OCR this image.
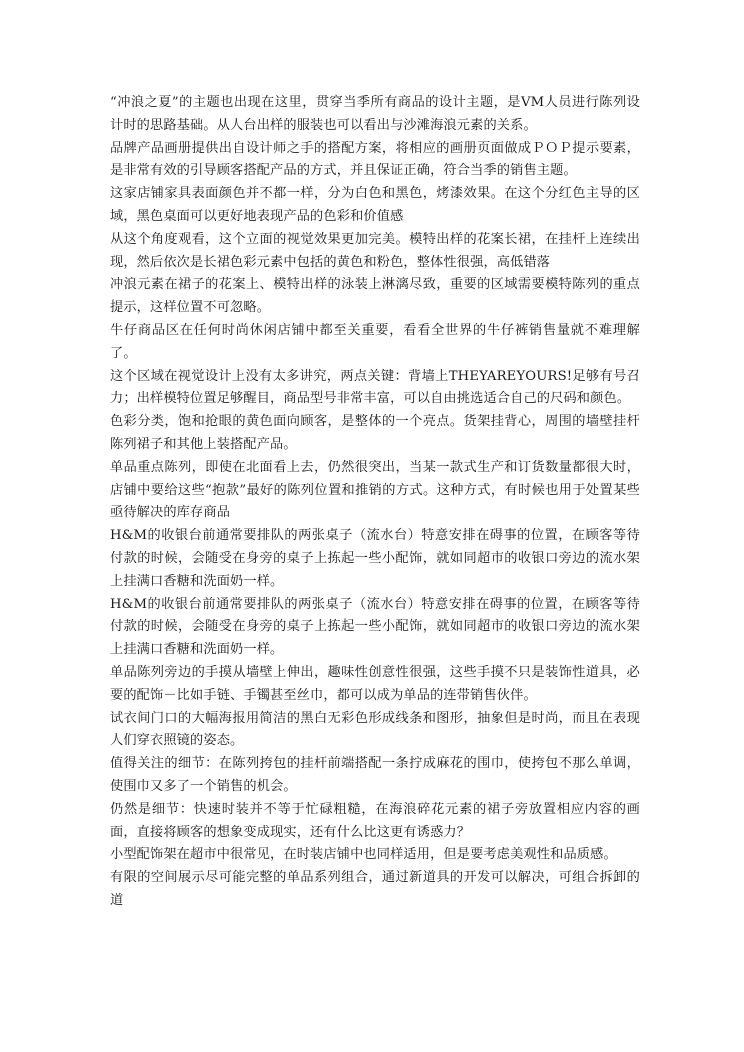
“冲浪之夏”的主题也出现在这里，贯穿当季所有商品的设计主题，是VM人员进行陈列设计时的思路基础。从人台出样的服装也可以看出与沙滩海浪元素的关系。

品牌产品画册提供出自设计师之手的搭配方案，将相应的画册页面做成ＰＯＰ提示要素，是非常有效的引导顾客搭配产品的方式，并且保证正确，符合当季的销售主题。

这家店铺家具表面颜色并不都一样，分为白色和黑色，烤漆效果。在这个分红色主导的区域，黑色桌面可以更好地表现产品的色彩和价值感

从这个角度观看，这个立面的视觉效果更加完美。模特出样的花案长裙，在挂杆上连续出现，然后依次是长裙色彩元素中包括的黄色和粉色，整体性很强，高低错落

冲浪元素在裙子的花案上、模特出样的泳装上淋漓尽致，重要的区域需要模特陈列的重点提示，这样位置不可忽略。

牛仔商品区在任何时尚休闲店铺中都至关重要，看看全世界的牛仔裤销售量就不难理解了。

这个区域在视觉设计上没有太多讲究，两点关键：背墙上THEYAREYOURS!足够有号召力；出样模特位置足够醒目，商品型号非常丰富，可以自由挑选适合自己的尺码和颜色。

色彩分类，饱和抢眼的黄色面向顾客，是整体的一个亮点。货架挂背心，周围的墙壁挂杆陈列裙子和其他上装搭配产品。

单品重点陈列，即使在北面看上去，仍然很突出，当某一款式生产和订货数量都很大时，店铺中要给这些“抱款”最好的陈列位置和推销的方式。这种方式，有时候也用于处置某些亟待解决的库存商品

H&M的收银台前通常要排队的两张桌子（流水台）特意安排在碍事的位置，在顾客等待付款的时候，会随受在身旁的桌子上拣起一些小配饰，就如同超市的收银口旁边的流水架上挂满口香糖和洗面奶一样。

H&M的收银台前通常要排队的两张桌子（流水台）特意安排在碍事的位置，在顾客等待付款的时候，会随受在身旁的桌子上拣起一些小配饰，就如同超市的收银口旁边的流水架上挂满口香糖和洗面奶一样。

单品陈列旁边的手摸从墙壁上伸出，趣味性创意性很强，这些手摸不只是装饰性道具，必要的配饰－比如手链、手镯甚至丝巾，都可以成为单品的连带销售伙伴。

试衣间门口的大幅海报用简洁的黑白无彩色形成线条和图形，抽象但是时尚，而且在表现人们穿衣照镜的姿态。

值得关注的细节：在陈列挎包的挂杆前端搭配一条拧成麻花的围巾，使挎包不那么单调，使围巾又多了一个销售的机会。

仍然是细节：快速时装并不等于忙碌粗糙，在海浪碎花元素的裙子旁放置相应内容的画面，直接将顾客的想象变成现实，还有什么比这更有诱惑力？

小型配饰架在超市中很常见，在时装店铺中也同样适用，但是要考虑美观性和品质感。

有限的空间展示尽可能完整的单品系列组合，通过新道具的开发可以解决，可组合拆卸的道
